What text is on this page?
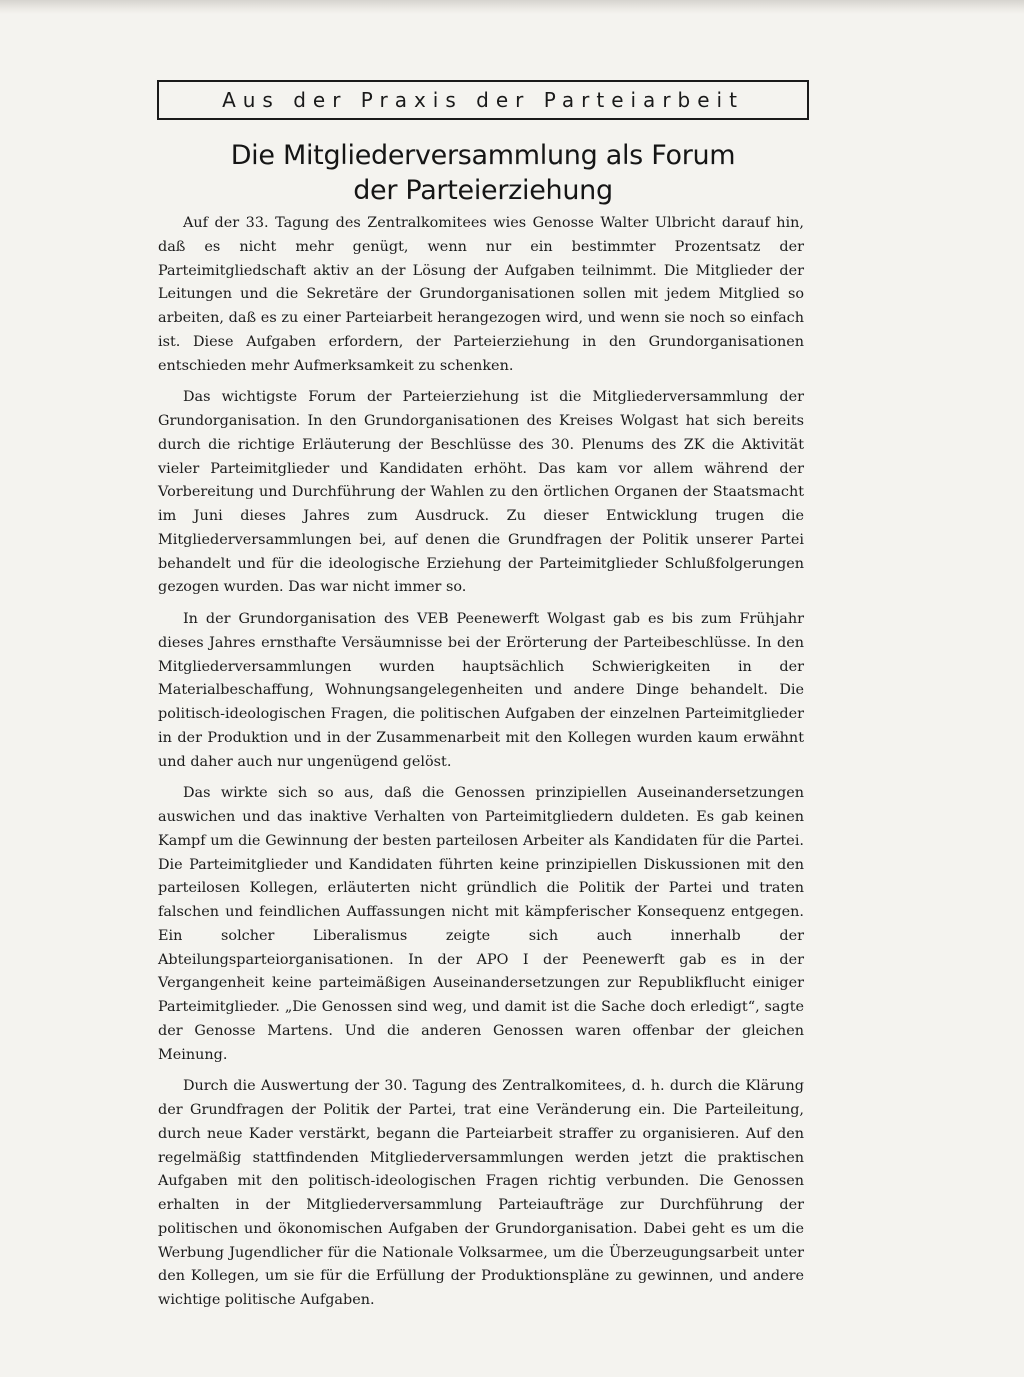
Aus der Praxis der Parteiarbeit
Die Mitgliederversammlung als Forum
der Parteierziehung

Auf der 33. Tagung des Zentralkomitees wies Genosse Walter Ulbricht darauf hin, daß es nicht mehr genügt, wenn nur ein bestimmter Prozentsatz der Parteimitgliedschaft aktiv an der Lösung der Aufgaben teilnimmt. Die Mitglieder der Leitungen und die Sekretäre der Grundorganisationen sollen mit jedem Mitglied so arbeiten, daß es zu einer Parteiarbeit herangezogen wird, und wenn sie noch so einfach ist. Diese Aufgaben erfordern, der Parteierziehung in den Grundorganisationen entschieden mehr Aufmerksamkeit zu schenken.

Das wichtigste Forum der Parteierziehung ist die Mitgliederversammlung der Grundorganisation. In den Grundorganisationen des Kreises Wolgast hat sich bereits durch die richtige Erläuterung der Beschlüsse des 30. Plenums des ZK die Aktivität vieler Parteimitglieder und Kandidaten erhöht. Das kam vor allem während der Vorbereitung und Durchführung der Wahlen zu den örtlichen Organen der Staatsmacht im Juni dieses Jahres zum Ausdruck. Zu dieser Entwicklung trugen die Mitgliederversammlungen bei, auf denen die Grundfragen der Politik unserer Partei behandelt und für die ideologische Erziehung der Parteimitglieder Schlußfolgerungen gezogen wurden. Das war nicht immer so.

In der Grundorganisation des VEB Peenewerft Wolgast gab es bis zum Frühjahr dieses Jahres ernsthafte Versäumnisse bei der Erörterung der Parteibeschlüsse. In den Mitgliederversammlungen wurden hauptsächlich Schwierigkeiten in der Materialbeschaffung, Wohnungsangelegenheiten und andere Dinge behandelt. Die politisch-ideologischen Fragen, die politischen Aufgaben der einzelnen Parteimitglieder in der Produktion und in der Zusammenarbeit mit den Kollegen wurden kaum erwähnt und daher auch nur ungenügend gelöst.

Das wirkte sich so aus, daß die Genossen prinzipiellen Auseinandersetzungen auswichen und das inaktive Verhalten von Parteimitgliedern duldeten. Es gab keinen Kampf um die Gewinnung der besten parteilosen Arbeiter als Kandidaten für die Partei. Die Parteimitglieder und Kandidaten führten keine prinzipiellen Diskussionen mit den parteilosen Kollegen, erläuterten nicht gründlich die Politik der Partei und traten falschen und feindlichen Auffassungen nicht mit kämpferischer Konsequenz entgegen. Ein solcher Liberalismus zeigte sich auch innerhalb der Abteilungsparteiorganisationen. In der APO I der Peenewerft gab es in der Vergangenheit keine parteimäßigen Auseinandersetzungen zur Republikflucht einiger Parteimitglieder. „Die Genossen sind weg, und damit ist die Sache doch erledigt“, sagte der Genosse Martens. Und die anderen Genossen waren offenbar der gleichen Meinung.

Durch die Auswertung der 30. Tagung des Zentralkomitees, d. h. durch die Klärung der Grundfragen der Politik der Partei, trat eine Veränderung ein. Die Parteileitung, durch neue Kader verstärkt, begann die Parteiarbeit straffer zu organisieren. Auf den regelmäßig stattfindenden Mitgliederversammlungen werden jetzt die praktischen Aufgaben mit den politisch-ideologischen Fragen richtig verbunden. Die Genossen erhalten in der Mitgliederversammlung Parteiaufträge zur Durchführung der politischen und ökonomischen Aufgaben der Grundorganisation. Dabei geht es um die Werbung Jugendlicher für die Nationale Volksarmee, um die Überzeugungsarbeit unter den Kollegen, um sie für die Erfüllung der Produktionspläne zu gewinnen, und andere wichtige politische Aufgaben.
